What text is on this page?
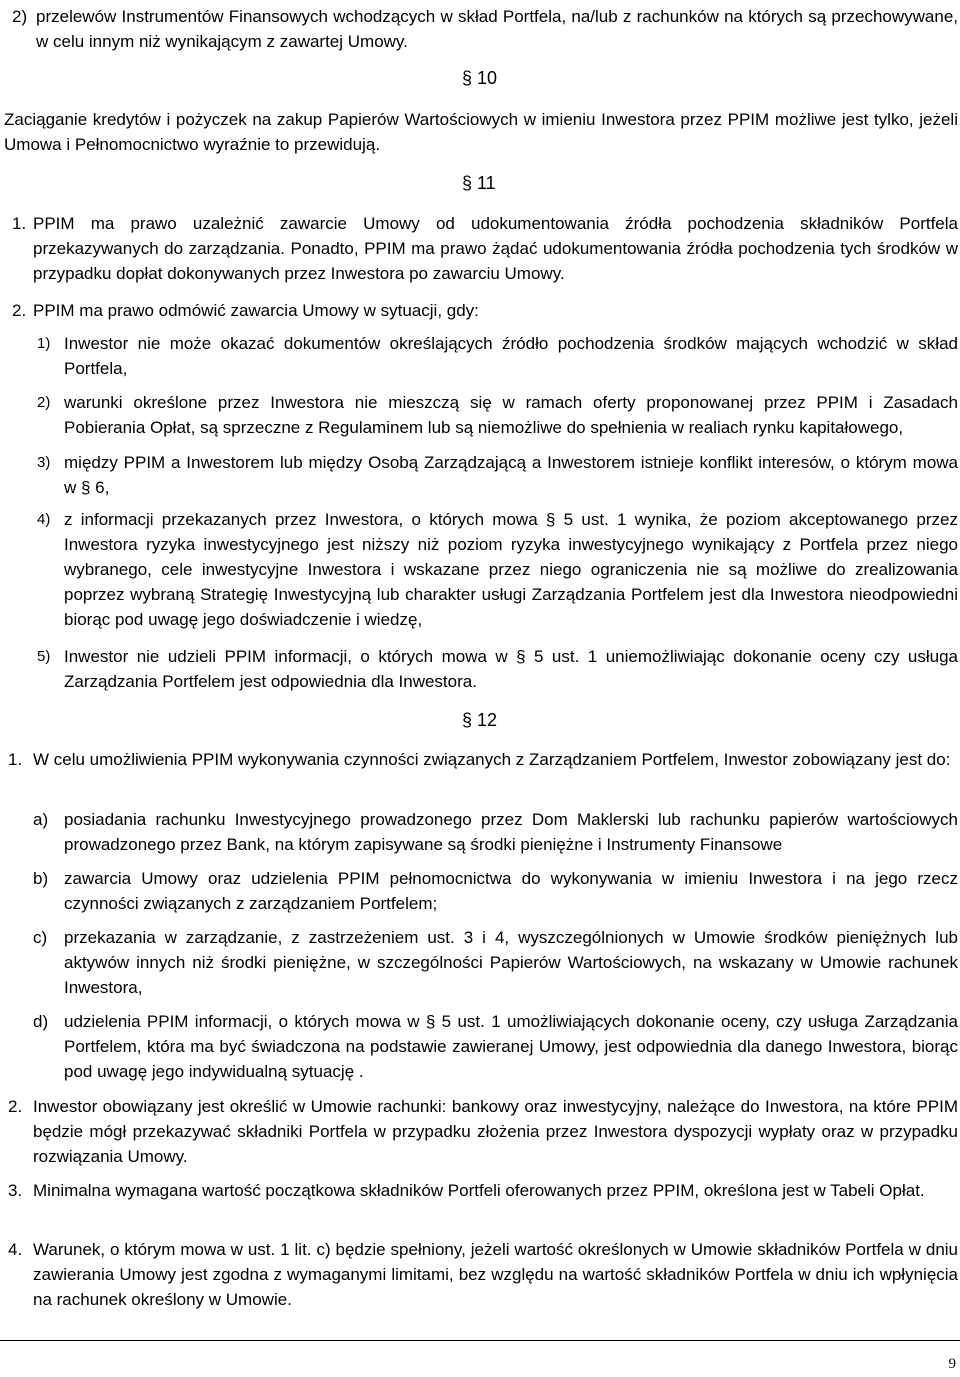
2) przelewów Instrumentów Finansowych wchodzących w skład Portfela, na/lub z rachunków na których są przechowywane, w celu innym niż wynikającym z zawartej Umowy.

§ 10

Zaciąganie kredytów i pożyczek na zakup Papierów Wartościowych w imieniu Inwestora przez PPIM możliwe jest tylko, jeżeli Umowa i Pełnomocnictwo wyraźnie to przewidują.

§ 11
1. PPIM ma prawo uzależnić zawarcie Umowy od udokumentowania źródła pochodzenia składników Portfela przekazywanych do zarządzania. Ponadto, PPIM ma prawo żądać udokumentowania źródła pochodzenia tych środków w przypadku dopłat dokonywanych przez Inwestora po zawarciu Umowy.

2. PPIM ma prawo odmówić zawarcia Umowy w sytuacji, gdy:

1) Inwestor nie może okazać dokumentów określających źródło pochodzenia środków mających wchodzić w skład Portfela,

2) warunki określone przez Inwestora nie mieszczą się w ramach oferty proponowanej przez PPIM i Zasadach Pobierania Opłat, są sprzeczne z Regulaminem lub są niemożliwe do spełnienia w realiach rynku kapitałowego,

3) między PPIM a Inwestorem lub między Osobą Zarządzającą a Inwestorem istnieje konflikt interesów, o którym mowa w § 6,

4) z informacji przekazanych przez Inwestora, o których mowa § 5 ust. 1 wynika, że poziom akceptowanego przez Inwestora ryzyka inwestycyjnego jest niższy niż poziom ryzyka inwestycyjnego wynikający z Portfela przez niego wybranego, cele inwestycyjne Inwestora i wskazane przez niego ograniczenia nie są możliwe do zrealizowania poprzez wybraną Strategię Inwestycyjną lub charakter usługi Zarządzania Portfelem jest dla Inwestora nieodpowiedni biorąc pod uwagę jego doświadczenie i wiedzę,

5) Inwestor nie udzieli PPIM informacji, o których mowa w § 5 ust. 1 uniemożliwiając dokonanie oceny czy usługa Zarządzania Portfelem jest odpowiednia dla Inwestora.

§ 12
1. W celu umożliwienia PPIM wykonywania czynności związanych z Zarządzaniem Portfelem, Inwestor zobowiązany jest do:

a) posiadania rachunku Inwestycyjnego prowadzonego przez Dom Maklerski lub rachunku papierów wartościowych prowadzonego przez Bank, na którym zapisywane są środki pieniężne i Instrumenty Finansowe

b) zawarcia Umowy oraz udzielenia PPIM pełnomocnictwa do wykonywania w imieniu Inwestora i na jego rzecz czynności związanych z zarządzaniem Portfelem;

c) przekazania w zarządzanie, z zastrzeżeniem ust. 3 i 4, wyszczególnionych w Umowie środków pieniężnych lub aktywów innych niż środki pieniężne, w szczególności Papierów Wartościowych, na wskazany w Umowie rachunek Inwestora,

d) udzielenia PPIM informacji, o których mowa w § 5 ust. 1 umożliwiających dokonanie oceny, czy usługa Zarządzania Portfelem, która ma być świadczona na podstawie zawieranej Umowy, jest odpowiednia dla danego Inwestora, biorąc pod uwagę jego indywidualną sytuację .

2. Inwestor obowiązany jest określić w Umowie rachunki: bankowy oraz inwestycyjny, należące do Inwestora, na które PPIM będzie mógł przekazywać składniki Portfela w przypadku złożenia przez Inwestora dyspozycji wypłaty oraz w przypadku rozwiązania Umowy.

3. Minimalna wymagana wartość początkowa składników Portfeli oferowanych przez PPIM, określona jest w Tabeli Opłat.

4. Warunek, o którym mowa w ust. 1 lit. c) będzie spełniony, jeżeli wartość określonych w Umowie składników Portfela w dniu zawierania Umowy jest zgodna z wymaganymi limitami, bez względu na wartość składników Portfela w dniu ich wpłynięcia na rachunek określony w Umowie.

9
